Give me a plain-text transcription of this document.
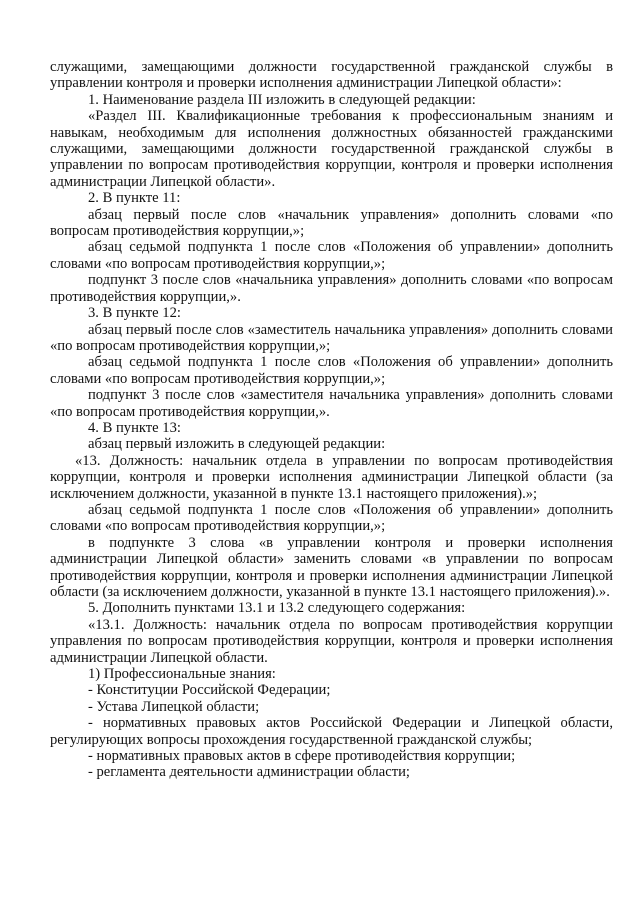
служащими, замещающими должности государственной гражданской службы в управлении контроля и проверки исполнения администрации Липецкой области»:

1. Наименование раздела III изложить в следующей редакции:

«Раздел III. Квалификационные требования к профессиональным знаниям и навыкам, необходимым для исполнения должностных обязанностей гражданскими служащими, замещающими должности государственной гражданской службы в управлении по вопросам противодействия коррупции, контроля и проверки исполнения администрации Липецкой области».

2. В пункте 11:

абзац первый после слов «начальник управления» дополнить словами «по вопросам противодействия коррупции,»;

абзац седьмой подпункта 1 после слов «Положения об управлении» дополнить словами «по вопросам противодействия коррупции,»;

подпункт 3 после слов «начальника управления» дополнить словами «по вопросам противодействия коррупции,».

3. В пункте 12:

абзац первый после слов «заместитель начальника управления» дополнить словами «по вопросам противодействия коррупции,»;

абзац седьмой подпункта 1 после слов «Положения об управлении» дополнить словами «по вопросам противодействия коррупции,»;

подпункт 3 после слов «заместителя начальника управления» дополнить словами «по вопросам противодействия коррупции,».

4. В пункте 13:

абзац первый изложить в следующей редакции:

«13. Должность: начальник отдела в управлении по вопросам противодействия коррупции, контроля и проверки исполнения администрации Липецкой области (за исключением должности, указанной в пункте 13.1 настоящего приложения).»;

абзац седьмой подпункта 1 после слов «Положения об управлении» дополнить словами «по вопросам противодействия коррупции,»;

в подпункте 3 слова «в управлении контроля и проверки исполнения администрации Липецкой области» заменить словами «в управлении по вопросам противодействия коррупции, контроля и проверки исполнения администрации Липецкой области (за исключением должности, указанной в пункте 13.1 настоящего приложения).».

5. Дополнить пунктами 13.1 и 13.2 следующего содержания:

«13.1. Должность: начальник отдела по вопросам противодействия коррупции управления по вопросам противодействия коррупции, контроля и проверки исполнения администрации Липецкой области.

1) Профессиональные знания:

- Конституции Российской Федерации;

- Устава Липецкой области;

- нормативных правовых актов Российской Федерации и Липецкой области, регулирующих вопросы прохождения государственной гражданской службы;

- нормативных правовых актов в сфере противодействия коррупции;

- регламента деятельности администрации области;
